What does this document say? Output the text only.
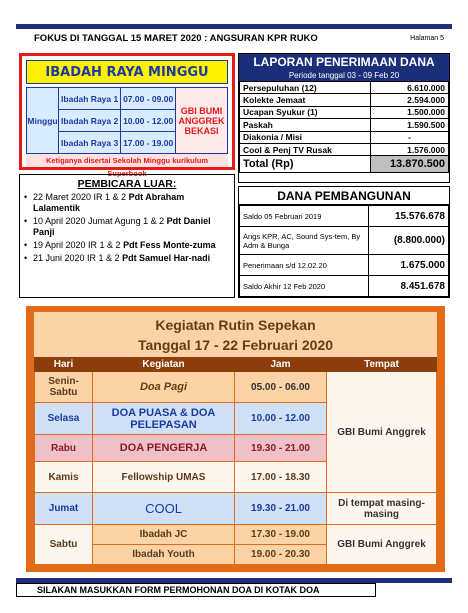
FOKUS DI TANGGAL 15 MARET 2020 : ANGSURAN KPR RUKO	Halaman 5
IBADAH RAYA MINGGU
Minggu	Ibadah Raya 1	07.00 - 09.00	GBI BUMI ANGGREK BEKASI
	Ibadah Raya 2	10.00 - 12.00	
	Ibadah Raya 3	17.00 - 19.00	
Ketiganya disertai Sekolah Minggu kurikulum Superbook
LAPORAN PENERIMAAN DANA
Periode tanggal 03 - 09 Feb 20
Persepuluhan (12)	6.610.000
Kolekte Jemaat	2.594.000
Ucapan Syukur (1)	1.500.000
Paskah	1.590.500
Diakonia / Misi	-
Cool & Penj TV Rusak	1.576.000
Total (Rp)	13.870.500
PEMBICARA LUAR:
• 22 Maret 2020 IR 1 & 2 Pdt Abraham Lalamentik
• 10 April 2020 Jumat Agung 1 & 2 Pdt Daniel Panji
• 19 April 2020 IR 1 & 2 Pdt Fess Monte-zuma
• 21 Juni 2020 IR 1 & 2 Pdt Samuel Har-nadi
DANA PEMBANGUNAN
Saldo 05 Februari 2019	15.576.678
Angs KPR, AC, Sound Sys-tem, By Adm & Bunga	(8.800.000)
Penerimaan s/d 12.02.20	1.675.000
Saldo Akhir 12 Feb 2020	8.451.678
Kegiatan Rutin Sepekan
Tanggal 17 - 22 Februari 2020
Hari	Kegiatan	Jam	Tempat
Senin-Sabtu	Doa Pagi	05.00 - 06.00	GBI Bumi Anggrek
Selasa	DOA PUASA & DOA PELEPASAN	10.00 - 12.00	
Rabu	DOA PENGERJA	19.30 - 21.00	
Kamis	Fellowship UMAS	17.00 - 18.30	
Jumat	COOL	19.30 - 21.00	Di tempat masing-masing
Sabtu	Ibadah JC	17.30 - 19.00	GBI Bumi Anggrek
	Ibadah Youth	19.00 - 20.30	
SILAKAN MASUKKAN FORM PERMOHONAN DOA DI KOTAK DOA
